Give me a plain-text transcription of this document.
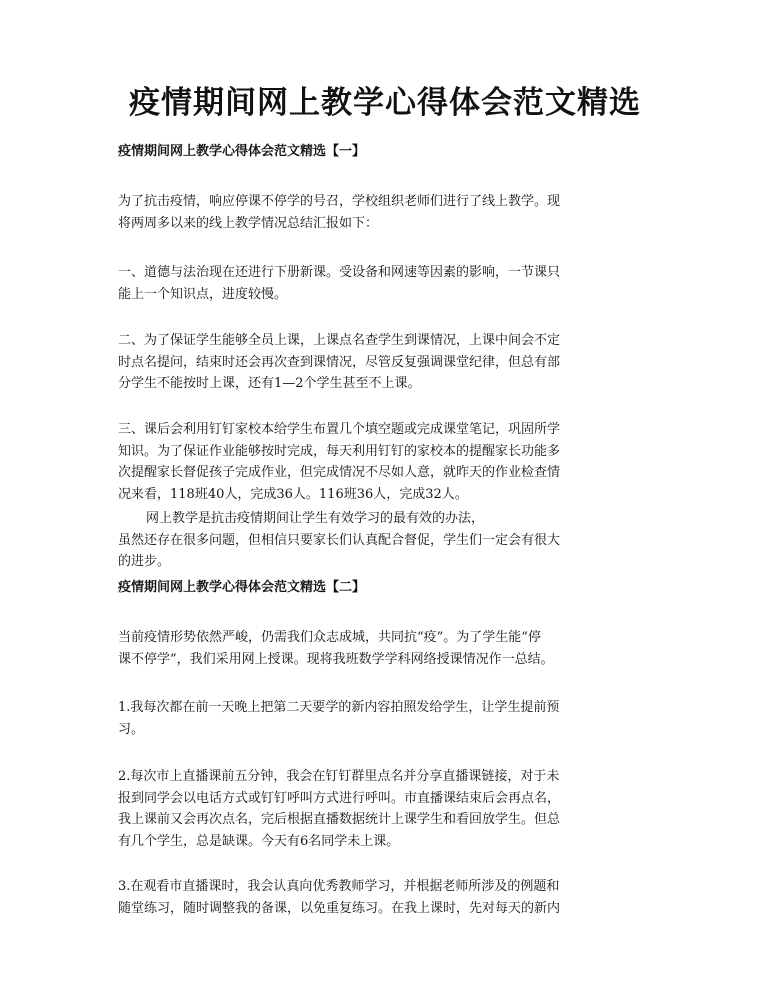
疫情期间网上教学心得体会范文精选
疫情期间网上教学心得体会范文精选【一】

为了抗击疫情，响应停课不停学的号召，学校组织老师们进行了线上教学。现
将两周多以来的线上教学情况总结汇报如下：

一、道德与法治现在还进行下册新课。受设备和网速等因素的影响，一节课只
能上一个知识点，进度较慢。

二、为了保证学生能够全员上课，上课点名查学生到课情况，上课中间会不定
时点名提问，结束时还会再次查到课情况，尽管反复强调课堂纪律，但总有部
分学生不能按时上课，还有1—2个学生甚至不上课。

三、课后会利用钉钉家校本给学生布置几个填空题或完成课堂笔记，巩固所学
知识。为了保证作业能够按时完成，每天利用钉钉的家校本的提醒家长功能多
次提醒家长督促孩子完成作业，但完成情况不尽如人意，就昨天的作业检查情
况来看，118班40人，完成36人。116班36人，完成32人。

网上教学是抗击疫情期间让学生有效学习的最有效的办法，
虽然还存在很多问题，但相信只要家长们认真配合督促，学生们一定会有很大
的进步。

疫情期间网上教学心得体会范文精选【二】

当前疫情形势依然严峻，仍需我们众志成城，共同抗“疫”。为了学生能“停
课不停学”，我们采用网上授课。现将我班数学学科网络授课情况作一总结。

1.我每次都在前一天晚上把第二天要学的新内容拍照发给学生，让学生提前预
习。

2.每次市上直播课前五分钟，我会在钉钉群里点名并分享直播课链接，对于未
报到同学会以电话方式或钉钉呼叫方式进行呼叫。市直播课结束后会再点名，
我上课前又会再次点名，完后根据直播数据统计上课学生和看回放学生。但总
有几个学生，总是缺课。今天有6名同学未上课。

3.在观看市直播课时，我会认真向优秀教师学习，并根据老师所涉及的例题和
随堂练习，随时调整我的备课，以免重复练习。在我上课时，先对每天的新内
